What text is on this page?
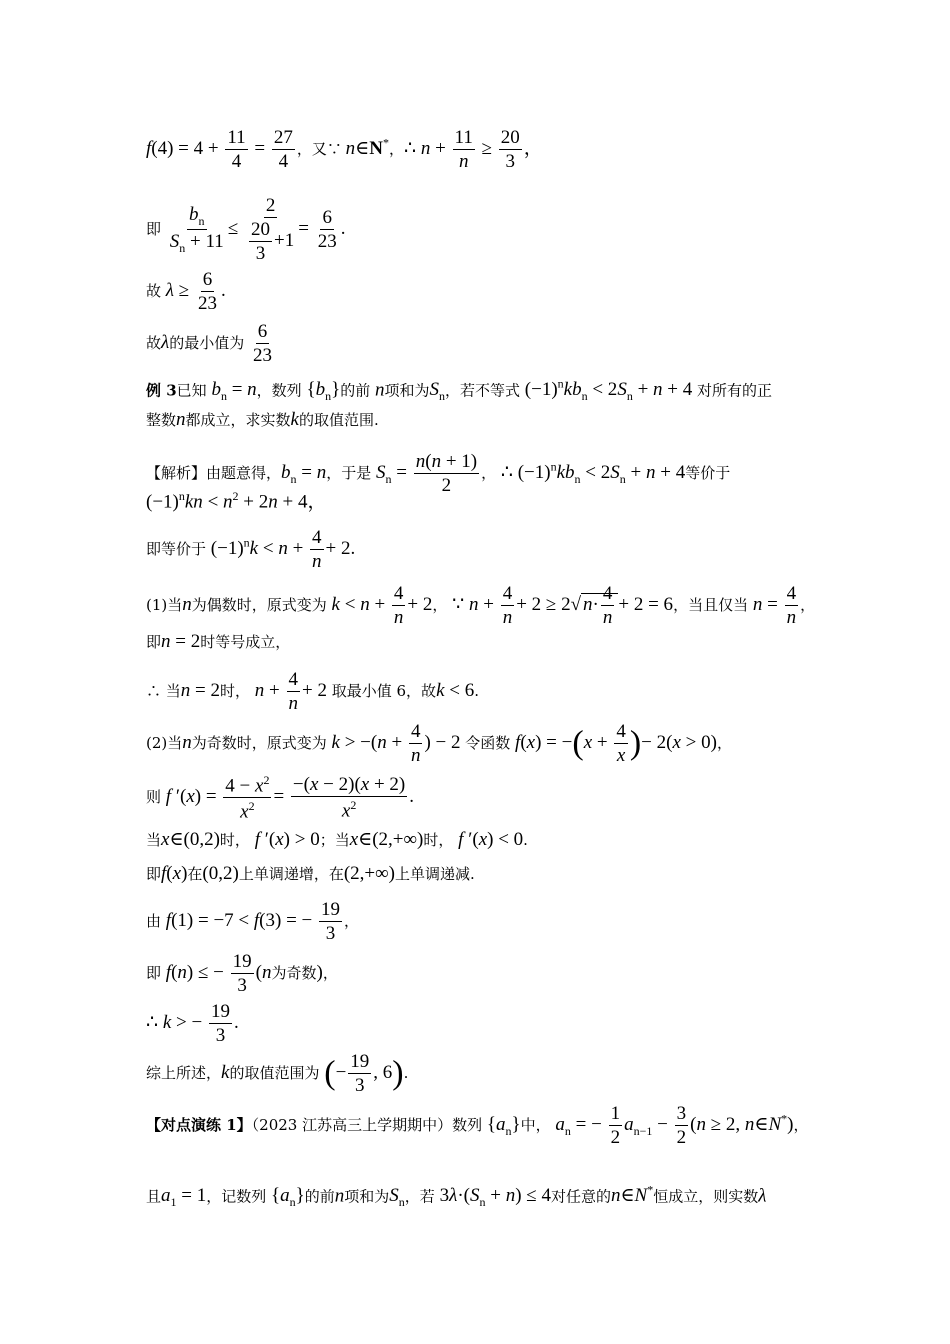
$f(4) = 4 + \frac{11}{4} = \frac{27}{4}$ ，又∵ n∈N*，∴ $n + \frac{11}{n} \ge \frac{20}{3}$ ，
即 $\frac{b_n}{S_n + 11} \le \frac{2}{\frac{20}{3} +1} = \frac{6}{23}$ .
故 $\lambda \ge \frac{6}{23}$ .
故λ的最小值为 $\frac{6}{23}$
例 3已知 $b_n = n$，数列 $\{b_n\}$的前 n项和为$S_n$，若不等式 $(-1)^nkb_n < 2S_n + n + 4$ 对所有的正
整数n都成立，求实数k的取值范围.
【解析】由题意得，$b_n = n$，于是 $S_n = \frac{n(n + 1)}{2}$ ， ∴ $(-1)^nkb_n < 2S_n + n + 4$等价于
$(-1)^nkn < n^2 + 2n + 4$，
即等价于 $(-1)^nk < n + \frac{4}{n} + 2$.
(1)当n为偶数时，原式变为 $k < n + \frac{4}{n} + 2$， ∵ $n + \frac{4}{n} + 2 \ge 2√$ $n\cdot \frac{4}{n} + 2 = 6$，当且仅当 $n = \frac{4}{n}$ ，
即n = 2时等号成立，
∴ 当n = 2时， $n + \frac{4}{n} + 2$ 取最小值 6，故k < 6.
(2)当n为奇数时，原式变为 $k > -(n + \frac{4}{n}$ ) − 2 令函数 $f(x) = -(x + \frac{4}{x}$ )− 2(x > 0)，
则 f $'(x) = \frac{4 - x^2}{x^2} = \frac{-(x - 2)(x + 2)}{x^2}$ .
当x∈(0,2)时， f ′(x) > 0；当x∈(2,+∞)时， f ′(x) < 0.
即f(x)在(0,2)上单调递增，在(2,+∞)上单调递减.
由 f(1) = −7 < f(3) = − $\frac{19}{3}$ ，
即 f(n) ≤ − $\frac{19}{3} (n$为奇数)，
∴ k > − $\frac{19}{3}$ .
综上所述，k的取值范围为 (− $\frac{19}{3}$ , 6).
【对点演练 1】（2023 江苏高三上学期期中）数列 $\{a_n\}$中， $a_n$ = − $\frac{1}{2} a_{n-1} - \frac{3}{2} (n \ge 2$, n∈N*)，
且$a_1 = 1$，记数列 $\{a_n\}$的前n项和为$S_n$，若 $3\lambda\cdot(S_n + n) \le 4$对任意的n∈N*恒成立，则实数λ
